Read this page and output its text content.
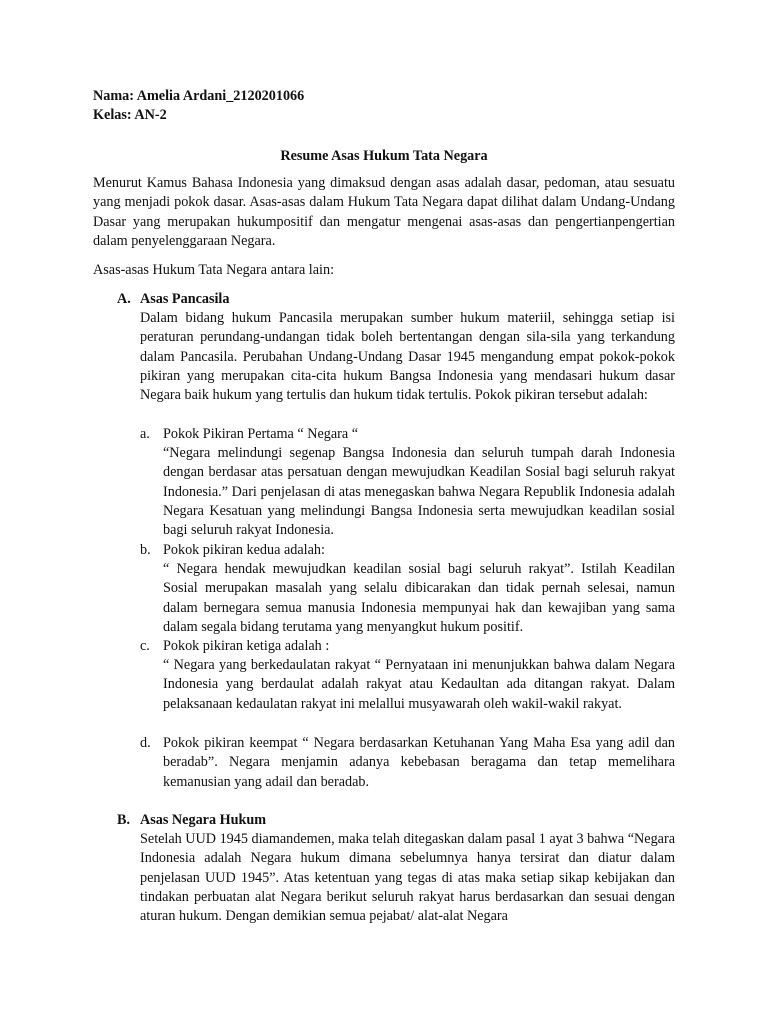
Nama: Amelia Ardani_2120201066

Kelas: AN-2

Resume Asas Hukum Tata Negara

Menurut Kamus Bahasa Indonesia yang dimaksud dengan asas adalah dasar, pedoman, atau sesuatu yang menjadi pokok dasar. Asas-asas dalam Hukum Tata Negara dapat dilihat dalam Undang-Undang Dasar yang merupakan hukumpositif dan mengatur mengenai asas-asas dan pengertianpengertian dalam penyelenggaraan Negara.

Asas-asas Hukum Tata Negara antara lain:

A. Asas Pancasila

Dalam bidang hukum Pancasila merupakan sumber hukum materiil, sehingga setiap isi peraturan perundang-undangan tidak boleh bertentangan dengan sila-sila yang terkandung dalam Pancasila. Perubahan Undang-Undang Dasar 1945 mengandung empat pokok-pokok pikiran yang merupakan cita-cita hukum Bangsa Indonesia yang mendasari hukum dasar Negara baik hukum yang tertulis dan hukum tidak tertulis. Pokok pikiran tersebut adalah:

a. Pokok Pikiran Pertama “ Negara “

“Negara melindungi segenap Bangsa Indonesia dan seluruh tumpah darah Indonesia dengan berdasar atas persatuan dengan mewujudkan Keadilan Sosial bagi seluruh rakyat Indonesia.” Dari penjelasan di atas menegaskan bahwa Negara Republik Indonesia adalah Negara Kesatuan yang melindungi Bangsa Indonesia serta mewujudkan keadilan sosial bagi seluruh rakyat Indonesia.

b. Pokok pikiran kedua adalah:

“ Negara hendak mewujudkan keadilan sosial bagi seluruh rakyat”. Istilah Keadilan Sosial merupakan masalah yang selalu dibicarakan dan tidak pernah selesai, namun dalam bernegara semua manusia Indonesia mempunyai hak dan kewajiban yang sama dalam segala bidang terutama yang menyangkut hukum positif.

c. Pokok pikiran ketiga adalah :

“ Negara yang berkedaulatan rakyat “ Pernyataan ini menunjukkan bahwa dalam Negara Indonesia yang berdaulat adalah rakyat atau Kedaultan ada ditangan rakyat. Dalam pelaksanaan kedaulatan rakyat ini melallui musyawarah oleh wakil-wakil rakyat.

d. Pokok pikiran keempat “ Negara berdasarkan Ketuhanan Yang Maha Esa yang adil dan beradab”. Negara menjamin adanya kebebasan beragama dan tetap memelihara kemanusian yang adail dan beradab.

B. Asas Negara Hukum

Setelah UUD 1945 diamandemen, maka telah ditegaskan dalam pasal 1 ayat 3 bahwa “Negara Indonesia adalah Negara hukum dimana sebelumnya hanya tersirat dan diatur dalam penjelasan UUD 1945”. Atas ketentuan yang tegas di atas maka setiap sikap kebijakan dan tindakan perbuatan alat Negara berikut seluruh rakyat harus berdasarkan dan sesuai dengan aturan hukum. Dengan demikian semua pejabat/ alat-alat Negara
